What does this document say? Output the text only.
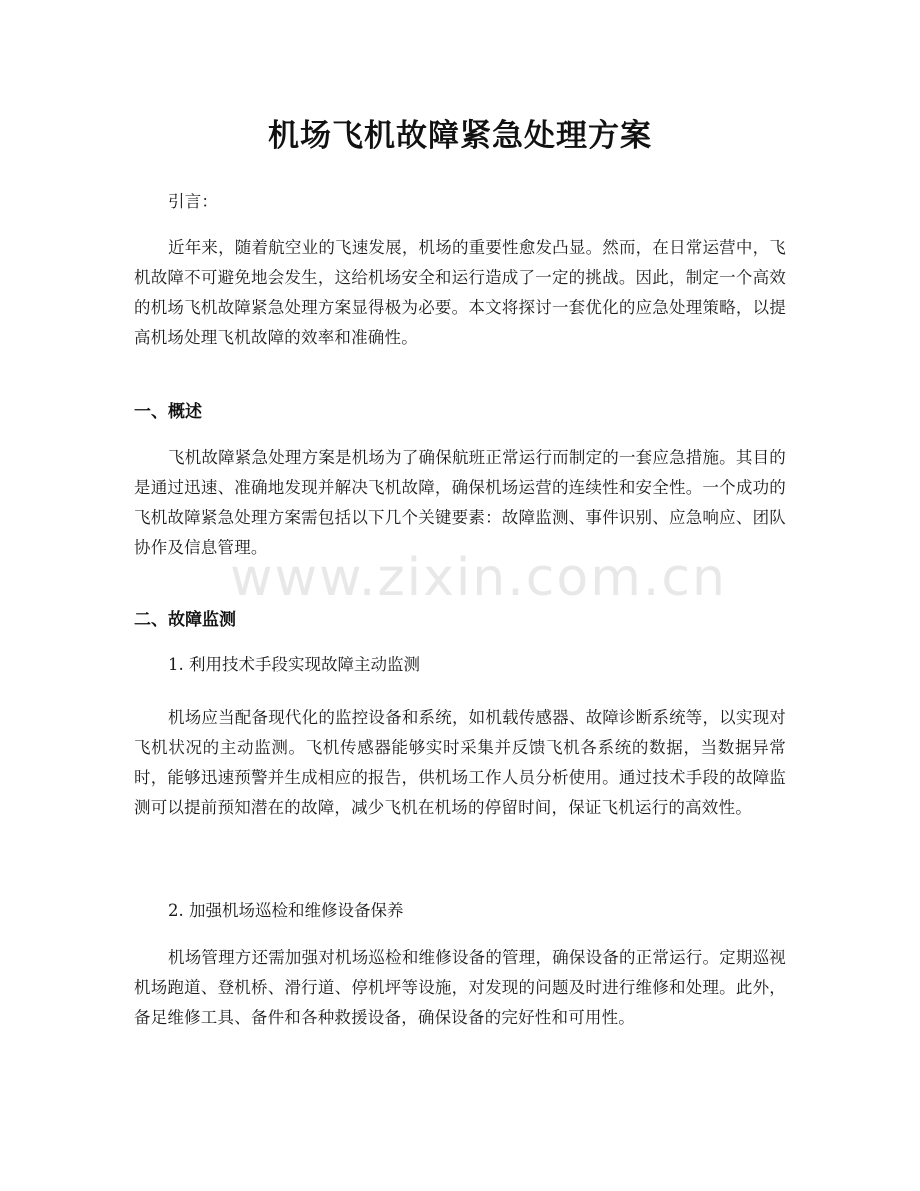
机场飞机故障紧急处理方案

引言：

近年来，随着航空业的飞速发展，机场的重要性愈发凸显。然而，在日常运营中，飞机故障不可避免地会发生，这给机场安全和运行造成了一定的挑战。因此，制定一个高效的机场飞机故障紧急处理方案显得极为必要。本文将探讨一套优化的应急处理策略，以提高机场处理飞机故障的效率和准确性。

一、概述

飞机故障紧急处理方案是机场为了确保航班正常运行而制定的一套应急措施。其目的是通过迅速、准确地发现并解决飞机故障，确保机场运营的连续性和安全性。一个成功的飞机故障紧急处理方案需包括以下几个关键要素：故障监测、事件识别、应急响应、团队协作及信息管理。

二、故障监测

1. 利用技术手段实现故障主动监测

机场应当配备现代化的监控设备和系统，如机载传感器、故障诊断系统等，以实现对飞机状况的主动监测。飞机传感器能够实时采集并反馈飞机各系统的数据，当数据异常时，能够迅速预警并生成相应的报告，供机场工作人员分析使用。通过技术手段的故障监测可以提前预知潜在的故障，减少飞机在机场的停留时间，保证飞机运行的高效性。

2. 加强机场巡检和维修设备保养

机场管理方还需加强对机场巡检和维修设备的管理，确保设备的正常运行。定期巡视机场跑道、登机桥、滑行道、停机坪等设施，对发现的问题及时进行维修和处理。此外，备足维修工具、备件和各种救援设备，确保设备的完好性和可用性。

www.zixin.com.cn
